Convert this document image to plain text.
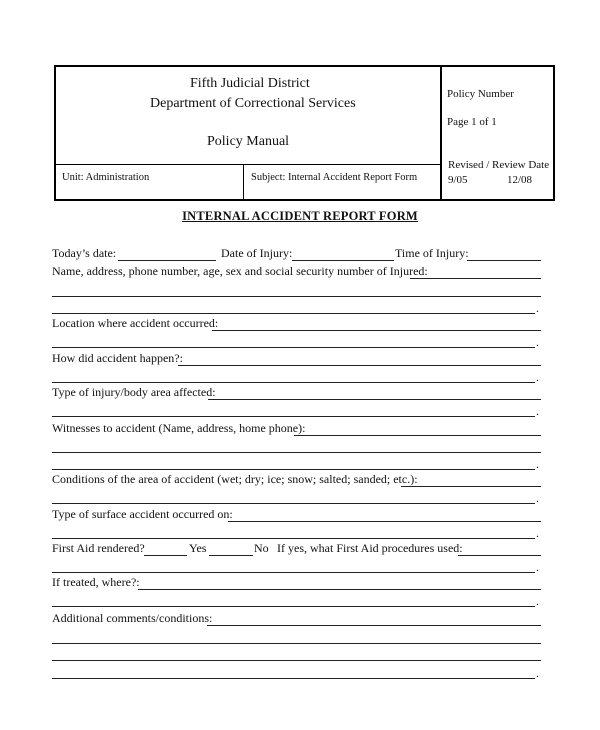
Fifth Judicial District
Department of Correctional Services
Policy Manual
Policy Number
Page 1 of 1
Revised / Review Date
9/05	12/08
Unit: Administration	Subject: Internal Accident Report Form
INTERNAL ACCIDENT REPORT FORM
Today’s date:	Date of Injury:	Time of Injury:
Name, address, phone number, age, sex and social security number of Injured:
.
Location where accident occurred:
.
How did accident happen?:
.
Type of injury/body area affected:
.
Witnesses to accident (Name, address, home phone):
.
Conditions of the area of accident (wet; dry; ice; snow; salted; sanded; etc.):
.
Type of surface accident occurred on:
.
First Aid rendered?	Yes	No If yes, what First Aid procedures used:
.
If treated, where?:
.
Additional comments/conditions:
.
